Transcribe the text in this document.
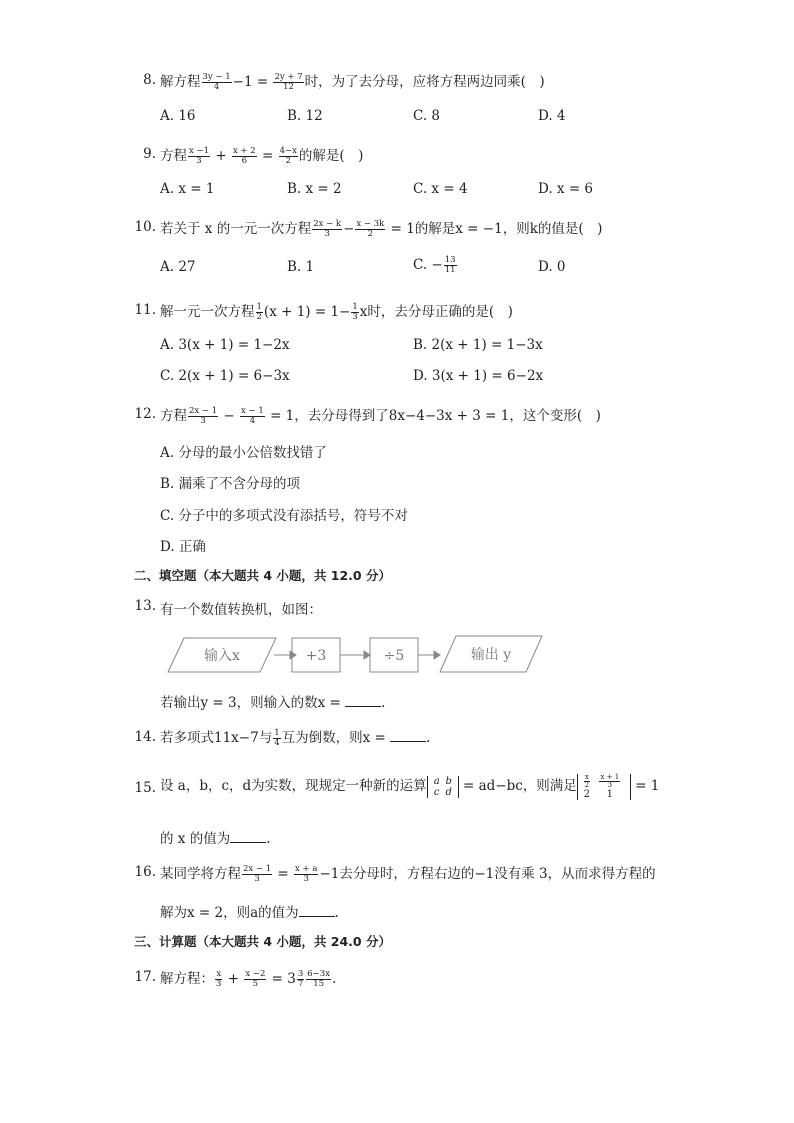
8. 解方程 $\frac{3y - 1}{4} -1 = \frac{2y + 7}{12}$ 时，为了去分母，应将方程两边同乘(　)
A. 16	B. 12	C. 8	D. 4
9. 方程 $\frac{x -1}{3} + \frac{x + 2}{6} = \frac{4-x}{2}$ 的解是(　)
A. x = 1	B. x = 2	C. x = 4	D. x = 6
10. 若关于 x 的一元一次方程 $\frac{2x - k}{3} - \frac{x - 3k}{2} = 1$的解是x = −1，则k的值是(　)
A. 27	B. 1	C. − $\frac{13}{11}$	D. 0
11. 解一元一次方程 $\frac{1}{2} (x + 1) = 1- \frac{1}{3}$ x时，去分母正确的是(　)
A. 3(x + 1) = 1−2x	B. 2(x + 1) = 1−3x
C. 2(x + 1) = 6−3x	D. 3(x + 1) = 6−2x
12. 方程 $\frac{2x - 1}{3} - \frac{x - 1}{4} = 1$，去分母得到了8x−4−3x + 3 = 1，这个变形(　)
A. 分母的最小公倍数找错了
B. 漏乘了不含分母的项
C. 分子中的多项式没有添括号，符号不对
D. 正确
二、填空题（本大题共 4 小题，共 12.0 分）
13. 有一个数值转换机，如图：
输入x	+3	÷5	输出 y
若输出y = 3，则输入的数x =	.
14. 若多项式11x−7与 $\frac{1}{4}$ 互为倒数，则x =	.
15. 设 a，b，c，d为实数，现规定一种新的运算 a b
c d = ad−bc，则满足 $\frac{x}{2} \frac{x + 1}{3}$
2 1	= 1
的 x 的值为	.
16. 某同学将方程 $\frac{2x - 1}{3} = \frac{x + a}{3} -1$去分母时，方程右边的−1没有乘 3，从而求得方程的
解为x = 2，则a的值为	.
三、计算题（本大题共 4 小题，共 24.0 分）
17. 解方程： $\frac{x}{3} + \frac{x -2}{5} = 3 \frac{3}{7} \frac{6-3x}{15}$ .
